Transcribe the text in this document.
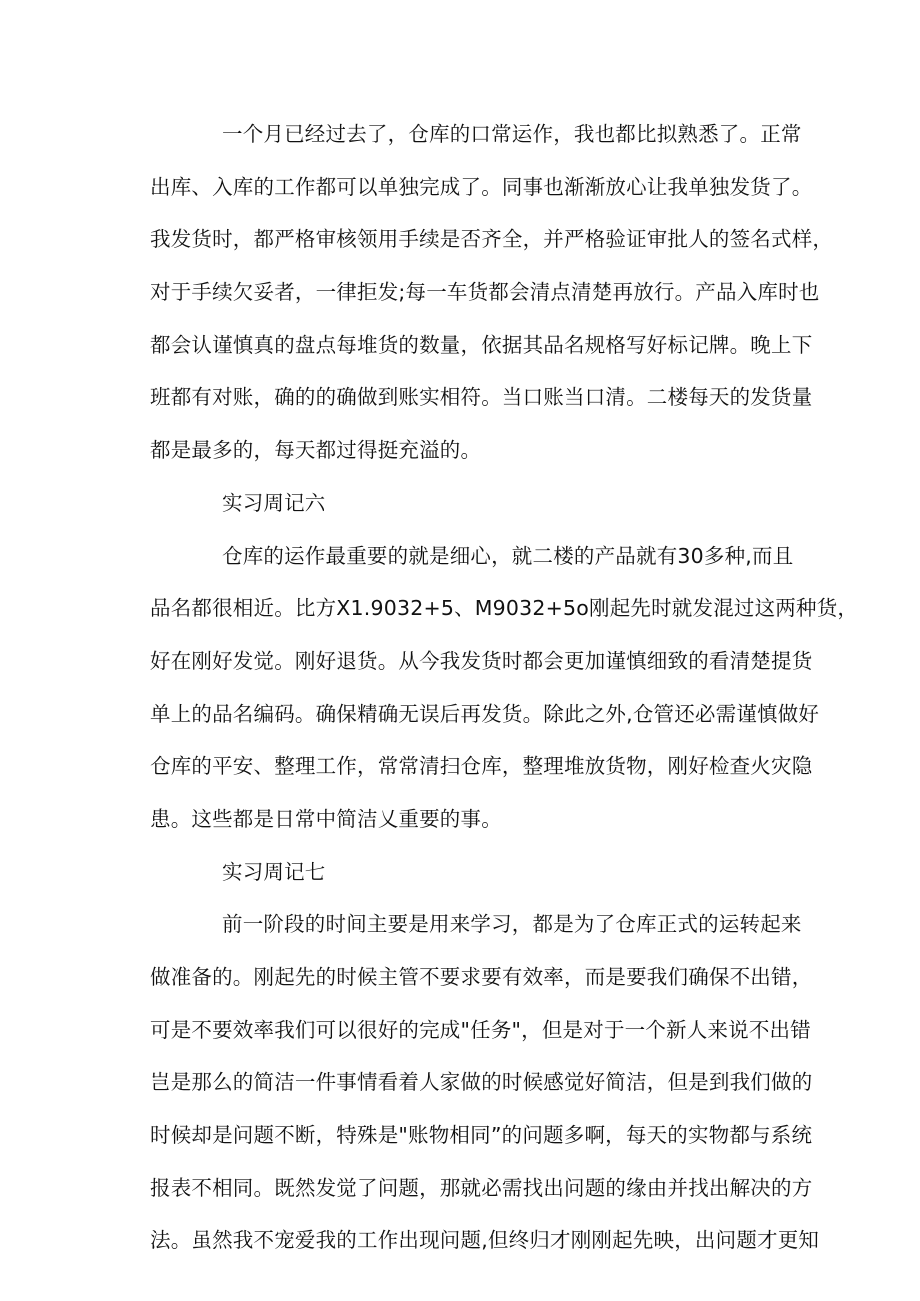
一个月已经过去了，仓库的口常运作，我也都比拟熟悉了。正常
出库、入库的工作都可以单独完成了。同事也渐渐放心让我单独发货了。
我发货时，都严格审核领用手续是否齐全，并严格验证审批人的签名式样，
对于手续欠妥者，一律拒发;每一车货都会清点清楚再放行。产品入库时也
都会认谨慎真的盘点每堆货的数量，依据其品名规格写好标记牌。晚上下
班都有对账，确的的确做到账实相符。当口账当口清。二楼每天的发货量
都是最多的，每天都过得挺充溢的。
实习周记六
仓库的运作最重要的就是细心，就二楼的产品就有30多种,而且
品名都很相近。比方X1.9032+5、M9032+5o刚起先时就发混过这两种货，
好在刚好发觉。刚好退货。从今我发货时都会更加谨慎细致的看清楚提货
单上的品名编码。确保精确无误后再发货。除此之外,仓管还必需谨慎做好
仓库的平安、整理工作，常常清扫仓库，整理堆放货物，刚好检查火灾隐
患。这些都是日常中简洁乂重要的事。
实习周记七
前一阶段的时间主要是用来学习，都是为了仓库正式的运转起来
做准备的。刚起先的时候主管不要求要有效率，而是要我们确保不出错，
可是不要效率我们可以很好的完成"任务"，但是对于一个新人来说不出错
岂是那么的简洁一件事情看着人家做的时候感觉好简洁，但是到我们做的
时候却是问题不断，特殊是"账物相同”的问题多啊，每天的实物都与系统
报表不相同。既然发觉了问题，那就必需找出问题的缘由并找出解决的方
法。虽然我不宠爱我的工作出现问题,但终归才刚刚起先映，出问题才更知
